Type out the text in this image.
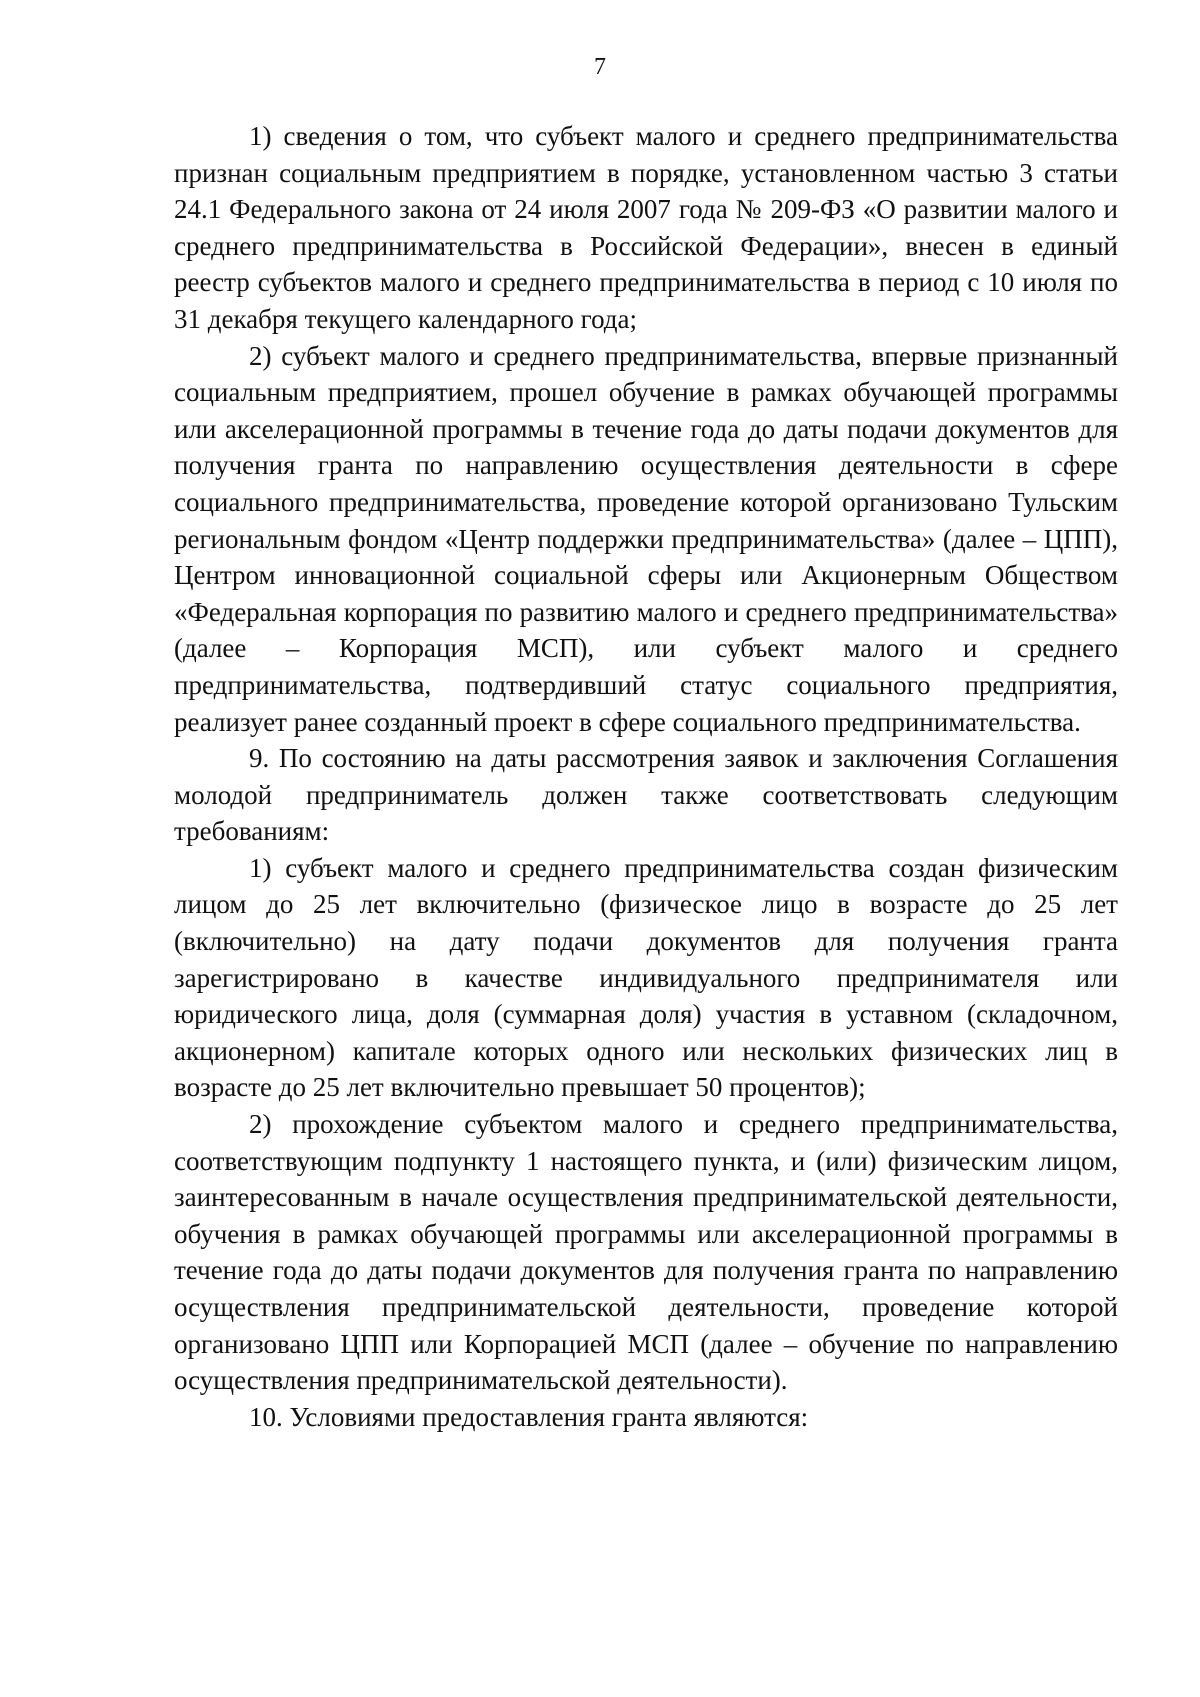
7

1) сведения о том, что субъект малого и среднего предпринимательства признан социальным предприятием в порядке, установленном частью 3 статьи 24.1 Федерального закона от 24 июля 2007 года № 209-ФЗ «О развитии малого и среднего предпринимательства в Российской Федерации», внесен в единый реестр субъектов малого и среднего предпринимательства в период с 10 июля по 31 декабря текущего календарного года;

2) субъект малого и среднего предпринимательства, впервые признанный социальным предприятием, прошел обучение в рамках обучающей программы или акселерационной программы в течение года до даты подачи документов для получения гранта по направлению осуществления деятельности в сфере социального предпринимательства, проведение которой организовано Тульским региональным фондом «Центр поддержки предпринимательства» (далее – ЦПП), Центром инновационной социальной сферы или Акционерным Обществом «Федеральная корпорация по развитию малого и среднего предпринимательства» (далее – Корпорация МСП), или субъект малого и среднего предпринимательства, подтвердивший статус социального предприятия, реализует ранее созданный проект в сфере социального предпринимательства.

9. По состоянию на даты рассмотрения заявок и заключения Соглашения молодой предприниматель должен также соответствовать следующим требованиям:

1) субъект малого и среднего предпринимательства создан физическим лицом до 25 лет включительно (физическое лицо в возрасте до 25 лет (включительно) на дату подачи документов для получения гранта зарегистрировано в качестве индивидуального предпринимателя или юридического лица, доля (суммарная доля) участия в уставном (складочном, акционерном) капитале которых одного или нескольких физических лиц в возрасте до 25 лет включительно превышает 50 процентов);

2) прохождение субъектом малого и среднего предпринимательства, соответствующим подпункту 1 настоящего пункта, и (или) физическим лицом, заинтересованным в начале осуществления предпринимательской деятельности, обучения в рамках обучающей программы или акселерационной программы в течение года до даты подачи документов для получения гранта по направлению осуществления предпринимательской деятельности, проведение которой организовано ЦПП или Корпорацией МСП (далее – обучение по направлению осуществления предпринимательской деятельности).

10. Условиями предоставления гранта являются:
